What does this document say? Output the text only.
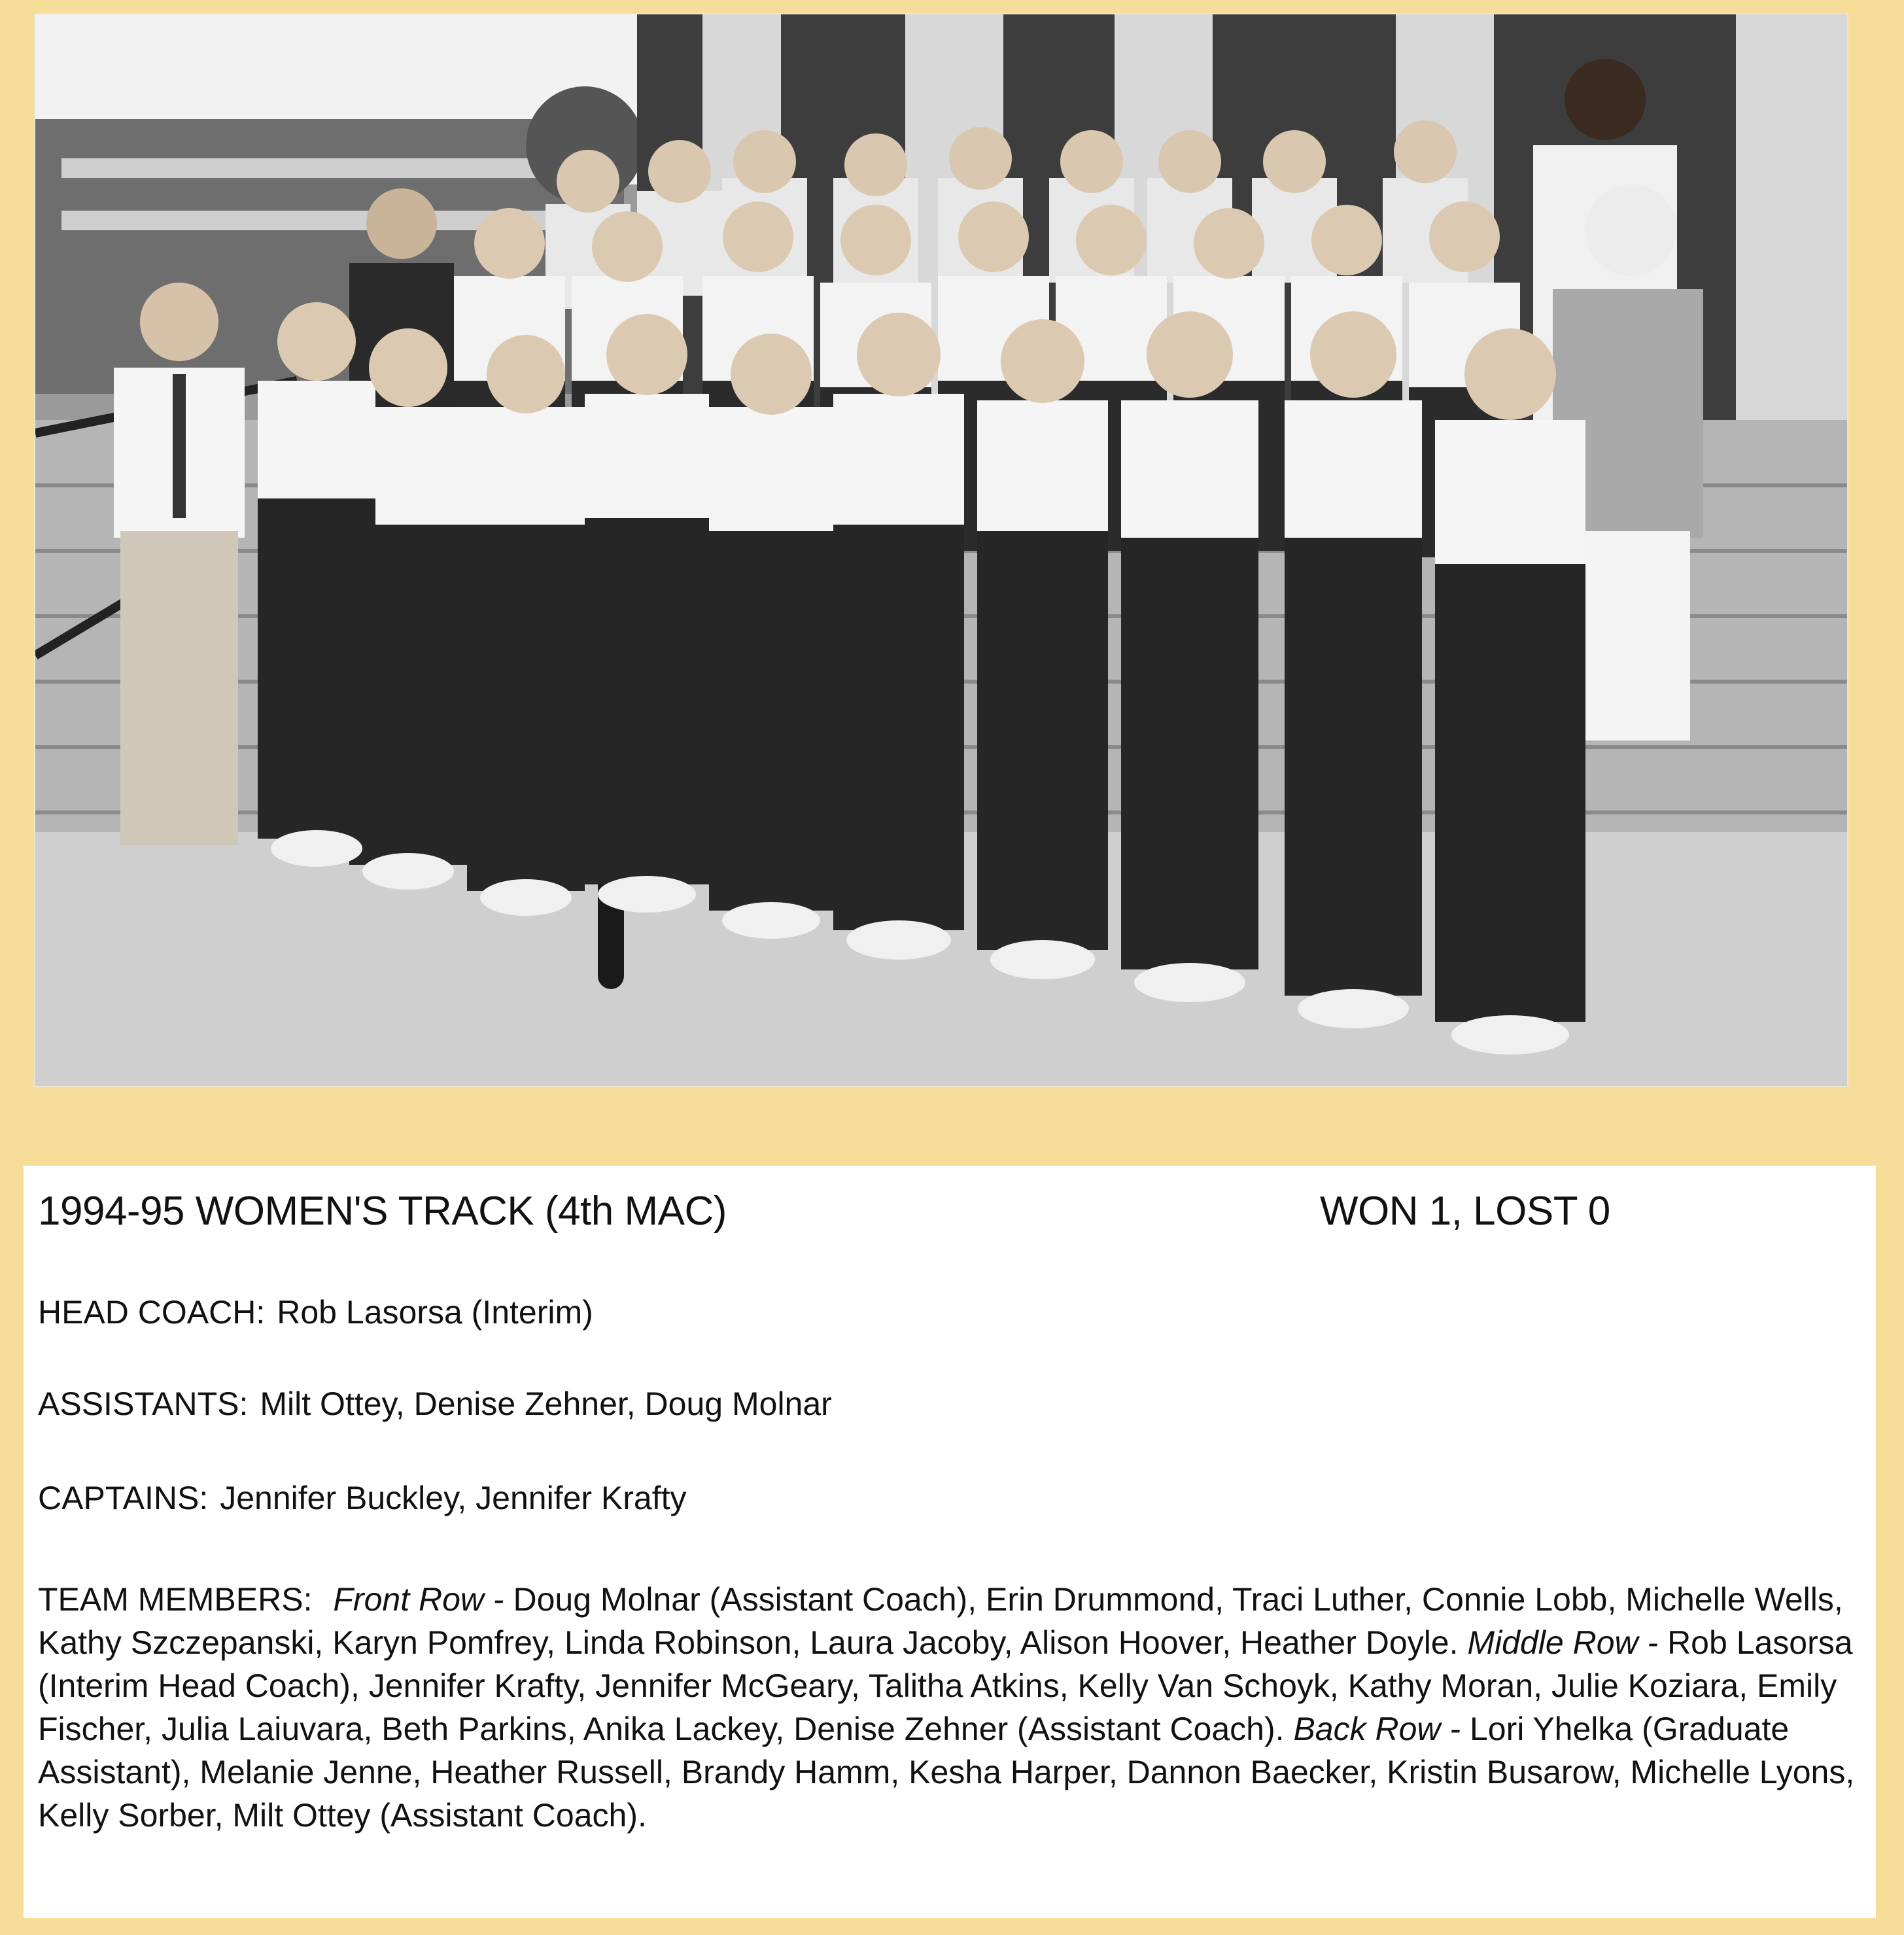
1994-95 WOMEN'S TRACK (4th MAC)	WON 1, LOST 0
HEAD COACH: Rob Lasorsa (Interim)
ASSISTANTS: Milt Ottey, Denise Zehner, Doug Molnar
CAPTAINS: Jennifer Buckley, Jennifer Krafty
TEAM MEMBERS: Front Row - Doug Molnar (Assistant Coach), Erin Drummond, Traci Luther, Connie Lobb, Michelle Wells, Kathy Szczepanski, Karyn Pomfrey, Linda Robinson, Laura Jacoby, Alison Hoover, Heather Doyle. Middle Row - Rob Lasorsa (Interim Head Coach), Jennifer Krafty, Jennifer McGeary, Talitha Atkins, Kelly Van Schoyk, Kathy Moran, Julie Koziara, Emily Fischer, Julia Laiuvara, Beth Parkins, Anika Lackey, Denise Zehner (Assistant Coach). Back Row - Lori Yhelka (Graduate Assistant), Melanie Jenne, Heather Russell, Brandy Hamm, Kesha Harper, Dannon Baecker, Kristin Busarow, Michelle Lyons, Kelly Sorber, Milt Ottey (Assistant Coach).
